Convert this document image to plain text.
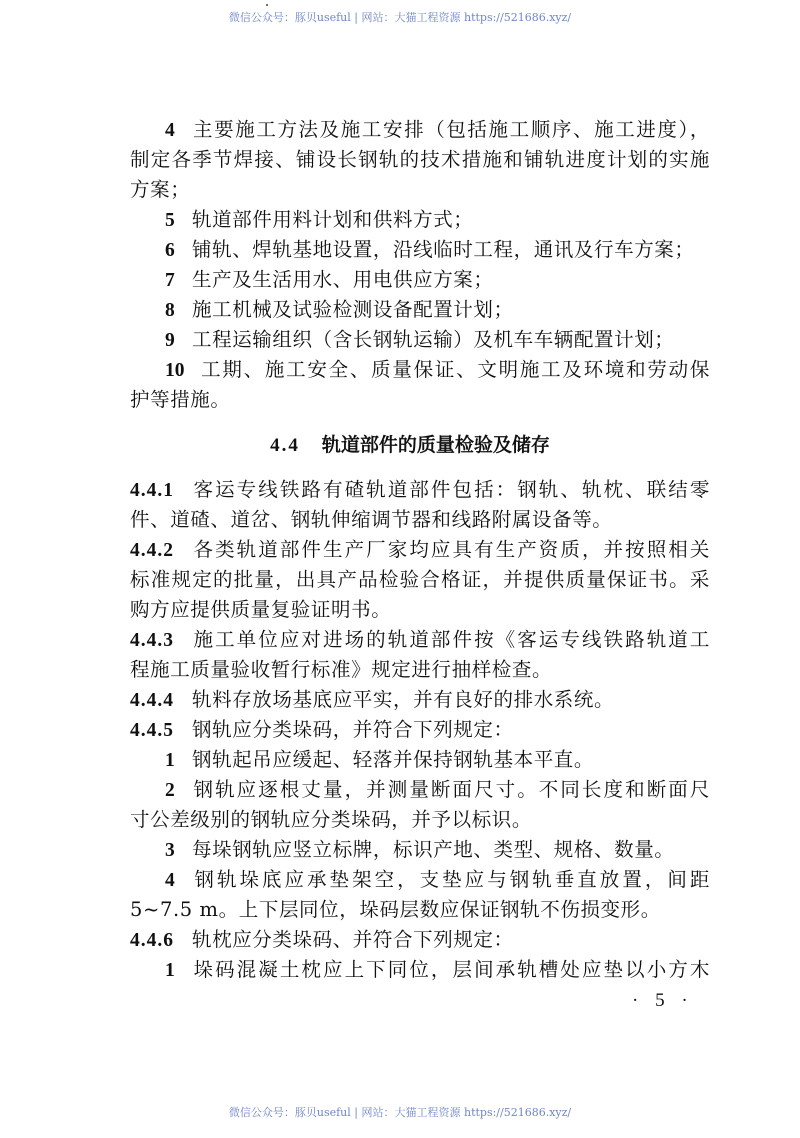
微信公众号：豚贝useful | 网站：大猫工程资源 https://521686.xyz/
4 主要施工方法及施工安排（包括施工顺序、施工进度），
制定各季节焊接、铺设长钢轨的技术措施和铺轨进度计划的实施
方案；
5 轨道部件用料计划和供料方式；
6 铺轨、焊轨基地设置，沿线临时工程，通讯及行车方案；
7 生产及生活用水、用电供应方案；
8 施工机械及试验检测设备配置计划；
9 工程运输组织（含长钢轨运输）及机车车辆配置计划；
10 工期、施工安全、质量保证、文明施工及环境和劳动保
护等措施。
4.4 轨道部件的质量检验及储存
4.4.1 客运专线铁路有碴轨道部件包括：钢轨、轨枕、联结零
件、道碴、道岔、钢轨伸缩调节器和线路附属设备等。
4.4.2 各类轨道部件生产厂家均应具有生产资质，并按照相关
标准规定的批量，出具产品检验合格证，并提供质量保证书。采
购方应提供质量复验证明书。
4.4.3 施工单位应对进场的轨道部件按《客运专线铁路轨道工
程施工质量验收暂行标准》规定进行抽样检查。
4.4.4 轨料存放场基底应平实，并有良好的排水系统。
4.4.5 钢轨应分类垛码，并符合下列规定：
1 钢轨起吊应缓起、轻落并保持钢轨基本平直。
2 钢轨应逐根丈量，并测量断面尺寸。不同长度和断面尺
寸公差级别的钢轨应分类垛码，并予以标识。
3 每垛钢轨应竖立标牌，标识产地、类型、规格、数量。
4 钢轨垛底应承垫架空，支垫应与钢轨垂直放置，间距
5~7.5 m。上下层同位，垛码层数应保证钢轨不伤损变形。
4.4.6 轨枕应分类垛码、并符合下列规定：
1 垛码混凝土枕应上下同位，层间承轨槽处应垫以小方木
· 5 ·
微信公众号：豚贝useful | 网站：大猫工程资源 https://521686.xyz/
